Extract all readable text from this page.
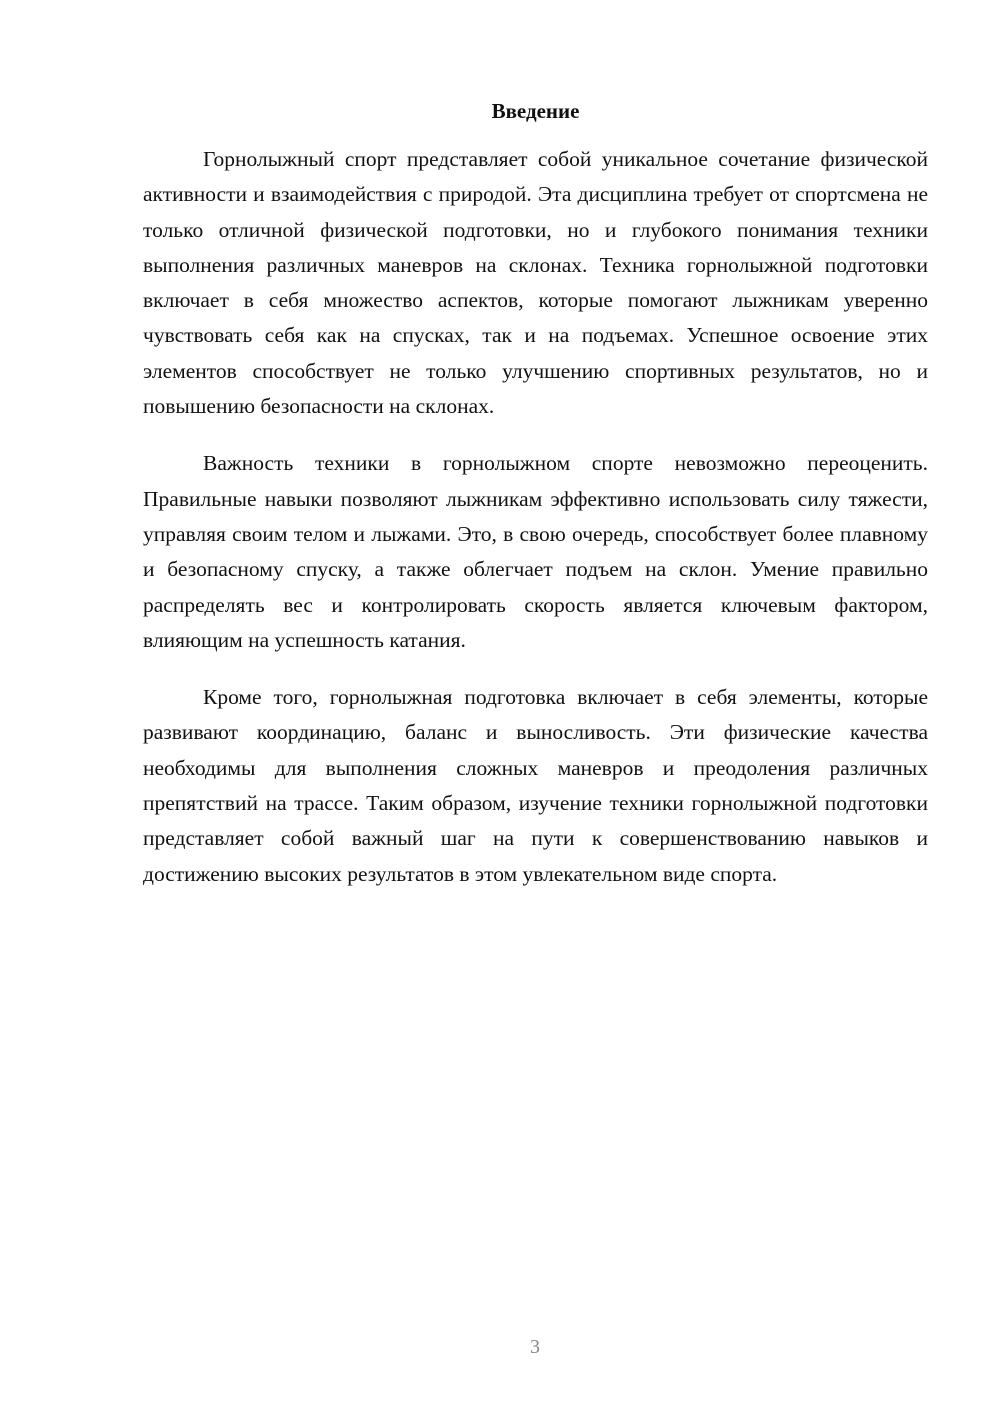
Введение

Горнолыжный спорт представляет собой уникальное сочетание физической активности и взаимодействия с природой. Эта дисциплина требует от спортсмена не только отличной физической подготовки, но и глубокого понимания техники выполнения различных маневров на склонах. Техника горнолыжной подготовки включает в себя множество аспектов, которые помогают лыжникам уверенно чувствовать себя как на спусках, так и на подъемах. Успешное освоение этих элементов способствует не только улучшению спортивных результатов, но и повышению безопасности на склонах.

Важность техники в горнолыжном спорте невозможно переоценить. Правильные навыки позволяют лыжникам эффективно использовать силу тяжести, управляя своим телом и лыжами. Это, в свою очередь, способствует более плавному и безопасному спуску, а также облегчает подъем на склон. Умение правильно распределять вес и контролировать скорость является ключевым фактором, влияющим на успешность катания.

Кроме того, горнолыжная подготовка включает в себя элементы, которые развивают координацию, баланс и выносливость. Эти физические качества необходимы для выполнения сложных маневров и преодоления различных препятствий на трассе. Таким образом, изучение техники горнолыжной подготовки представляет собой важный шаг на пути к совершенствованию навыков и достижению высоких результатов в этом увлекательном виде спорта.

3
